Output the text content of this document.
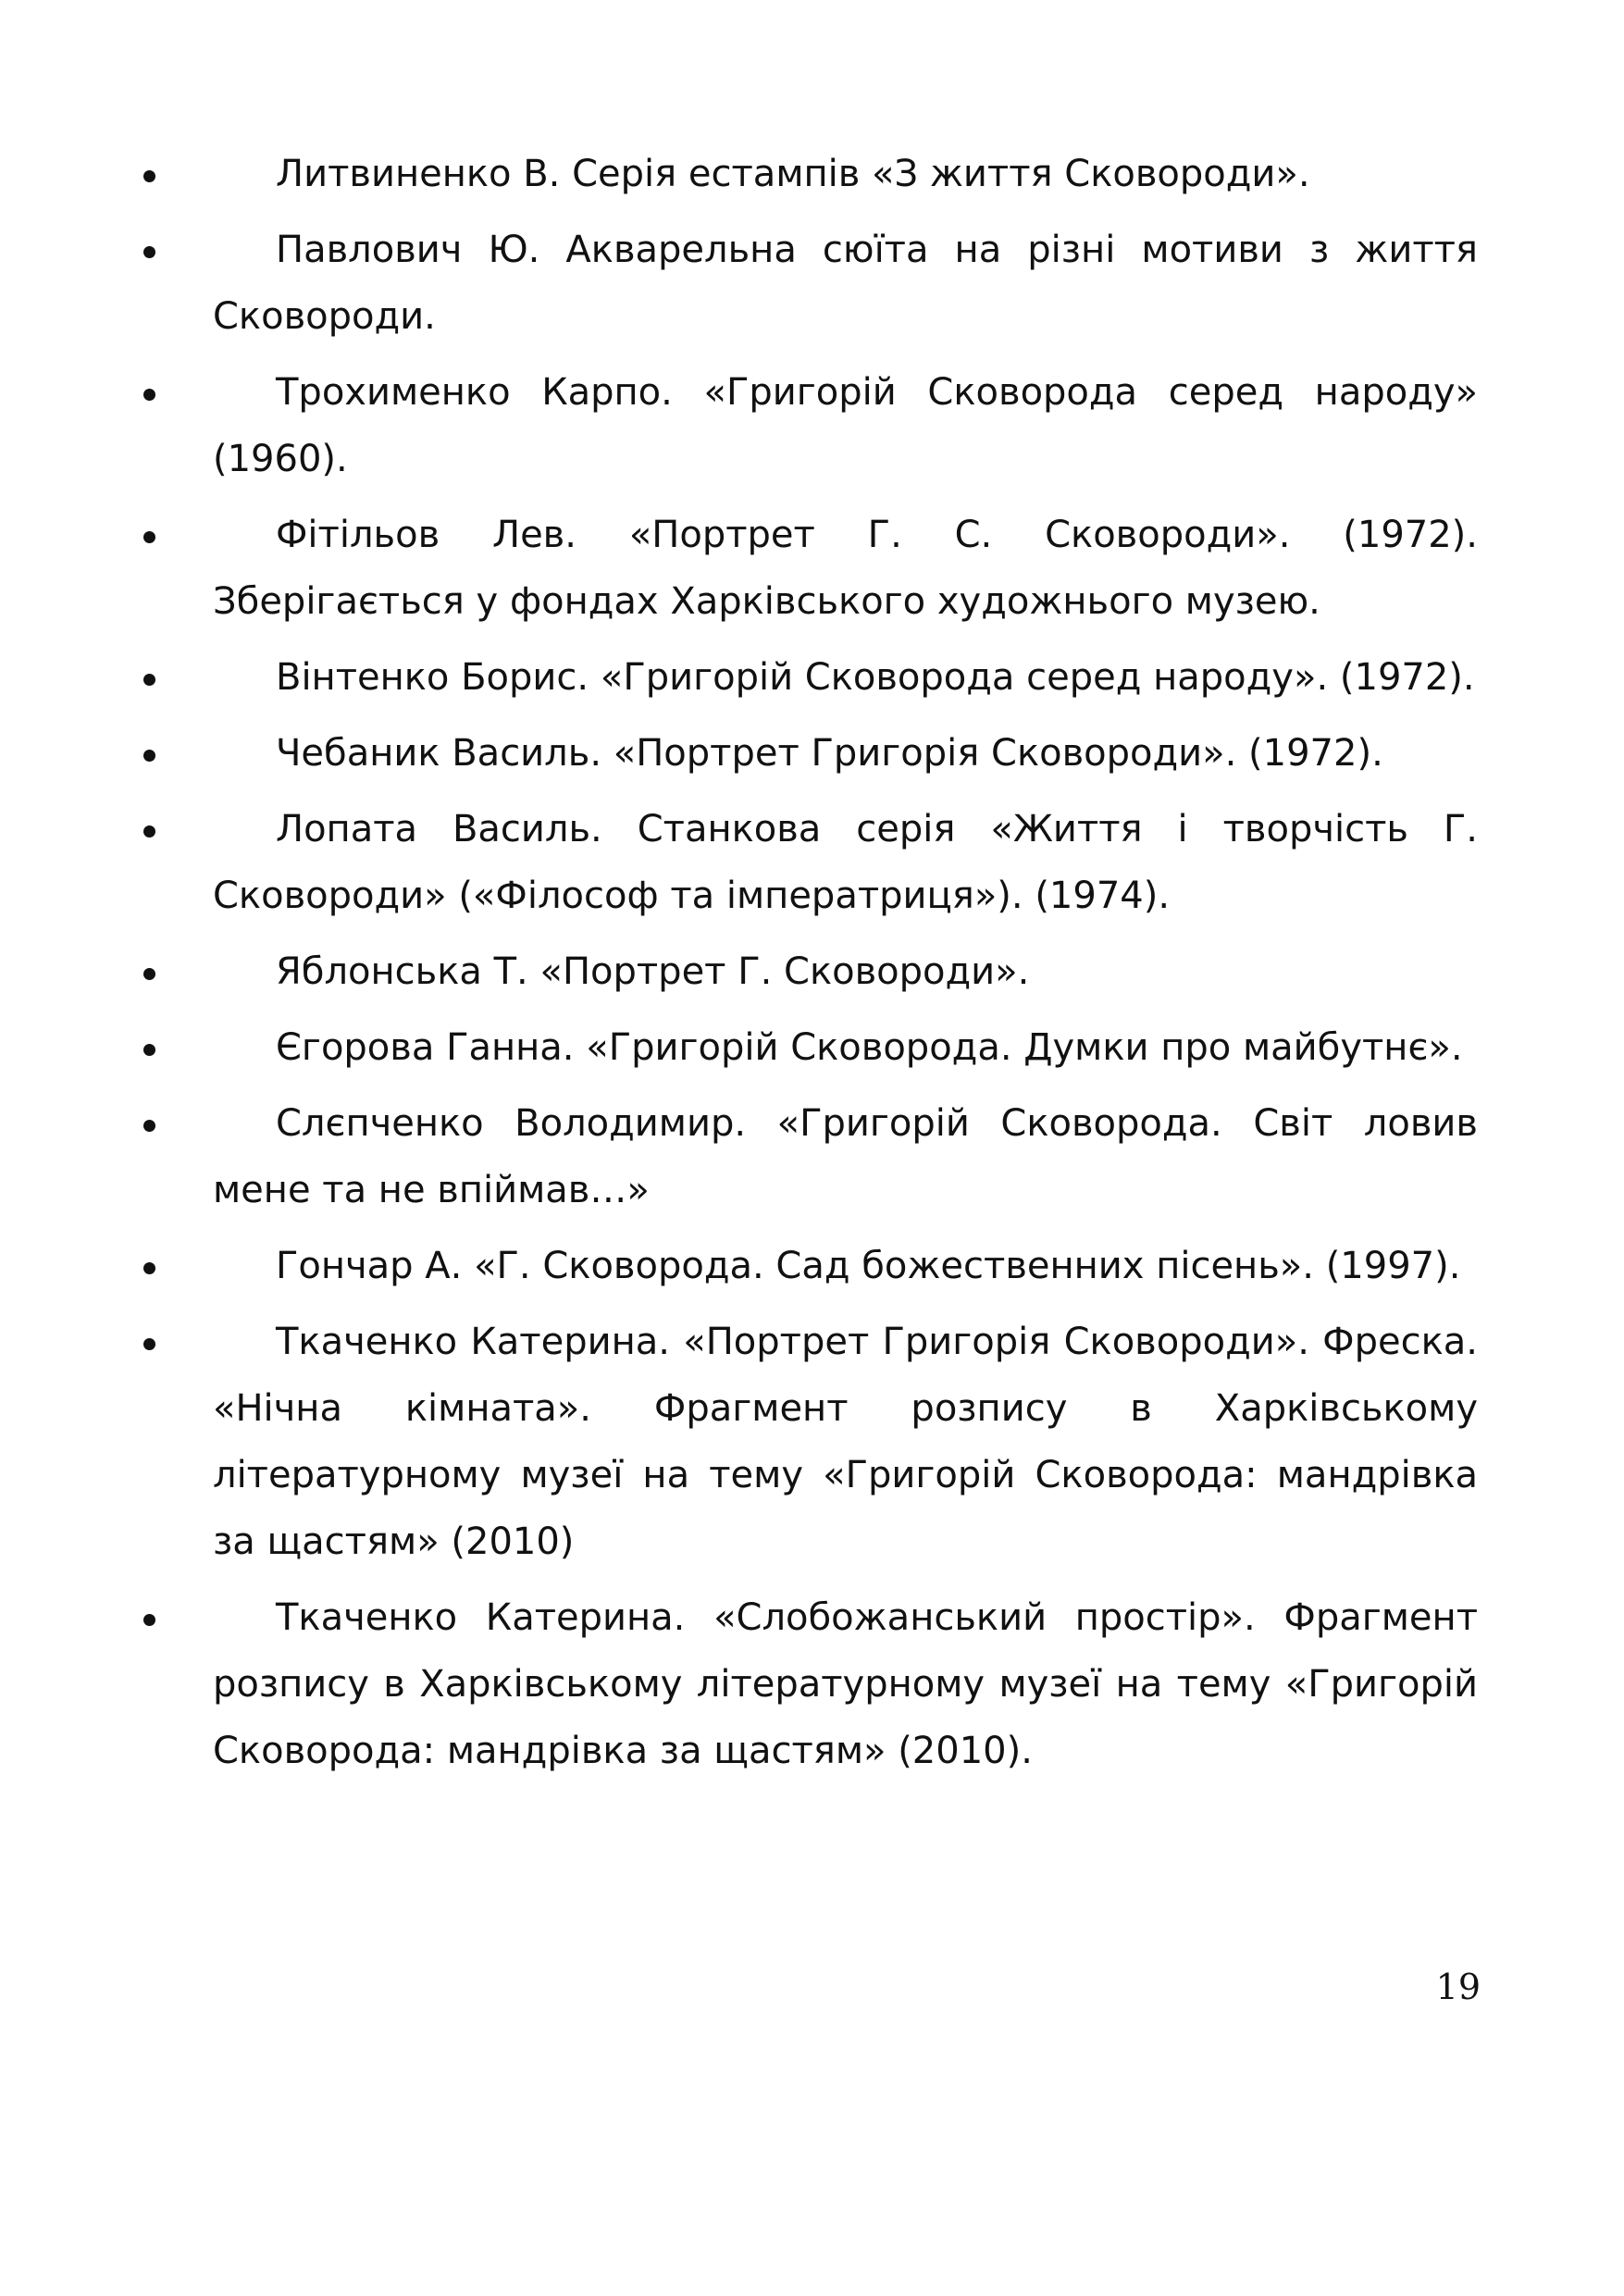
Литвиненко В. Серія естампів «З життя Сковороди».
Павлович Ю. Акварельна сюїта на різні мотиви з життя Сковороди.
Трохименко Карпо. «Григорій Сковорода серед народу» (1960).
Фітільов Лев. «Портрет Г. С. Сковороди». (1972). Зберігається у фондах Харківського художнього музею.
Вінтенко Борис. «Григорій Сковорода серед народу». (1972).
Чебаник Василь. «Портрет Григорія Сковороди». (1972).
Лопата Василь. Станкова серія «Життя і творчість Г. Сковороди» («Філософ та імператриця»). (1974).
Яблонська Т. «Портрет Г. Сковороди».
Єгорова Ганна. «Григорій Сковорода. Думки про майбутнє».
Слєпченко Володимир. «Григорій Сковорода. Світ ловив мене та не впіймав…»
Гончар А. «Г. Сковорода. Сад божественних пісень». (1997).
Ткаченко Катерина. «Портрет Григорія Сковороди». Фреска. «Нічна кімната». Фрагмент розпису в Харківському літературному музеї на тему «Григорій Сковорода: мандрівка за щастям» (2010)
Ткаченко Катерина. «Слобожанський простір». Фрагмент розпису в Харківському літературному музеї на тему «Григорій Сковорода: мандрівка за щастям» (2010).
19
